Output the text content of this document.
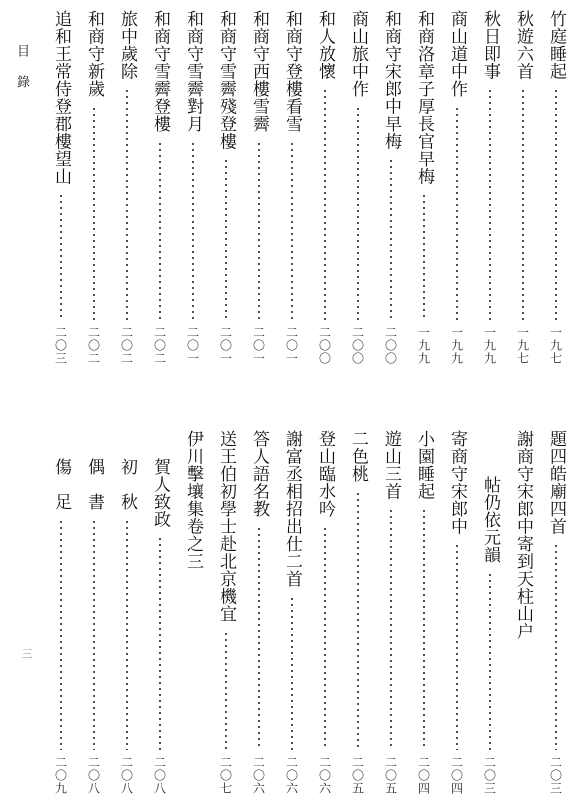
目錄
三
竹庭睡起
一九七
秋遊六首
一九七
秋日即事
一九九
商山道中作
一九九
和商洛章子厚長官早梅
一九九
和商守宋郎中早梅
二〇〇
商山旅中作
二〇〇
和人放懷
二〇〇
和商守登樓看雪
二〇一
和商守西樓雪霽
二〇一
和商守雪霽殘登樓
二〇一
和商守雪霽對月
二〇一
和商守雪霽登樓
二〇二
旅中歲除
二〇二
和商守新歲
二〇二
追和王常侍登郡樓望山
二〇三
題四皓廟四首
二〇三
謝商守宋郎中寄到天柱山户
帖仍依元韻
二〇三
寄商守宋郎中
二〇四
小園睡起
二〇四
遊山三首
二〇五
二色桃
二〇五
登山臨水吟
二〇六
謝富丞相招出仕二首
二〇六
答人語名教
二〇六
送王伯初學士赴北京機宜
二〇七
伊川擊壤集卷之三
賀人致政
二〇八
初　秋
二〇八
偶　書
二〇八
傷　足
二〇九
